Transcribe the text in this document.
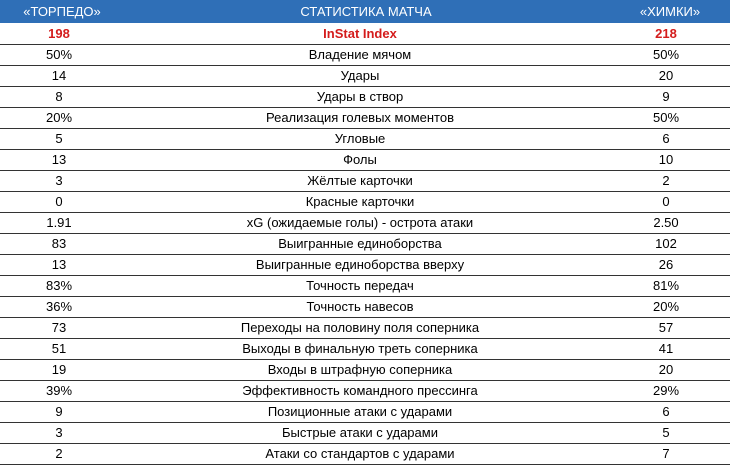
«ТОРПЕДО»	СТАТИСТИКА МАТЧА	«ХИМКИ»
198	InStat Index	218
50%	Владение мячом	50%
14	Удары	20
8	Удары в створ	9
20%	Реализация голевых моментов	50%
5	Угловые	6
13	Фолы	10
3	Жёлтые карточки	2
0	Красные карточки	0
1.91	xG (ожидаемые голы) - острота атаки	2.50
83	Выигранные единоборства	102
13	Выигранные единоборства вверху	26
83%	Точность передач	81%
36%	Точность навесов	20%
73	Переходы на половину поля соперника	57
51	Выходы в финальную треть соперника	41
19	Входы в штрафную соперника	20
39%	Эффективность командного прессинга	29%
9	Позиционные атаки с ударами	6
3	Быстрые атаки с ударами	5
2	Атаки со стандартов с ударами	7
